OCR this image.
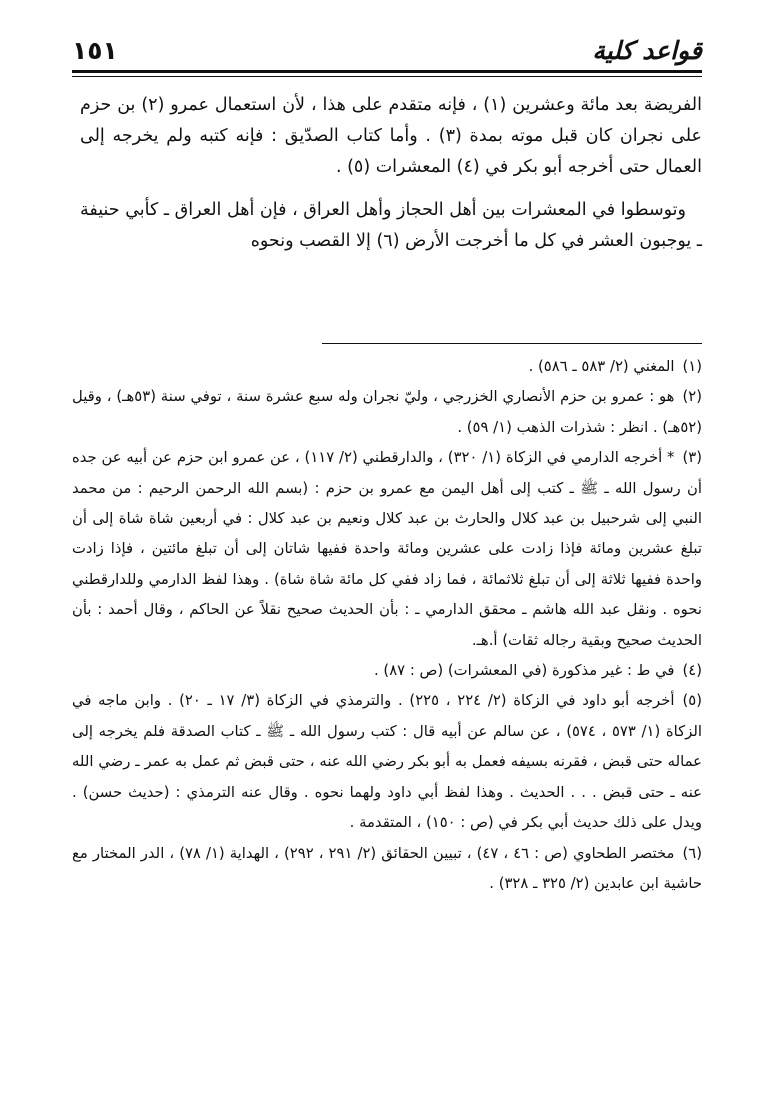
قواعد كلية
١٥١

الفريضة بعد مائة وعشرين (١) ، فإنه متقدم على هذا ، لأن استعمال عمرو (٢) بن حزم على نجران كان قبل موته بمدة (٣) . وأما كتاب الصدّيق : فإنه كتبه ولم يخرجه إلى العمال حتى أخرجه أبو بكر في (٤) المعشرات (٥) .

وتوسطوا في المعشرات بين أهل الحجاز وأهل العراق ، فإن أهل العراق ـ كأبي حنيفة ـ يوجبون العشر في كل ما أخرجت الأرض (٦) إلا القصب ونحوه

(١)المغني (٢/ ٥٨٣ ـ ٥٨٦) .

(٢)هو : عمرو بن حزم الأنصاري الخزرجي ، وليّ نجران وله سبع عشرة سنة ، توفي سنة (٥٣هـ) ، وقيل (٥٢هـ) . انظر : شذرات الذهب (١/ ٥٩) .

(٣)* أخرجه الدارمي في الزكاة (١/ ٣٢٠) ، والدارقطني (٢/ ١١٧) ، عن عمرو ابن حزم عن أبيه عن جده أن رسول الله ـ ﷺ ـ كتب إلى أهل اليمن مع عمرو بن حزم : (بسم الله الرحمن الرحيم : من محمد النبي إلى شرحبيل بن عبد كلال والحارث بن عبد كلال ونعيم بن عبد كلال : في أربعين شاة شاة إلى أن تبلغ عشرين ومائة فإذا زادت على عشرين ومائة واحدة ففيها شاتان إلى أن تبلغ مائتين ، فإذا زادت واحدة ففيها ثلاثة إلى أن تبلغ ثلاثمائة ، فما زاد ففي كل مائة شاة شاة) . وهذا لفظ الدارمي وللدارقطني نحوه . ونقل عبد الله هاشم ـ محقق الدارمي ـ : بأن الحديث صحيح نقلاً عن الحاكم ، وقال أحمد : بأن الحديث صحيح وبقية رجاله ثقات) أ.هـ.

(٤)في ط : غير مذكورة (في المعشرات) (ص : ٨٧) .

(٥)أخرجه أبو داود في الزكاة (٢/ ٢٢٤ ، ٢٢٥) . والترمذي في الزكاة (٣/ ١٧ ـ ٢٠) . وابن ماجه في الزكاة (١/ ٥٧٣ ، ٥٧٤) ، عن سالم عن أبيه قال : كتب رسول الله ـ ﷺ ـ كتاب الصدقة فلم يخرجه إلى عماله حتى قبض ، فقرنه بسيفه فعمل به أبو بكر رضي الله عنه ، حتى قبض ثم عمل به عمر ـ رضي الله عنه ـ حتى قبض . . . الحديث . وهذا لفظ أبي داود ولهما نحوه . وقال عنه الترمذي : (حديث حسن) . ويدل على ذلك حديث أبي بكر في (ص : ١٥٠) ، المتقدمة .

(٦)مختصر الطحاوي (ص : ٤٦ ، ٤٧) ، تبيين الحقائق (٢/ ٢٩١ ، ٢٩٢) ، الهداية (١/ ٧٨) ، الدر المختار مع حاشية ابن عابدين (٢/ ٣٢٥ ـ ٣٢٨) .
